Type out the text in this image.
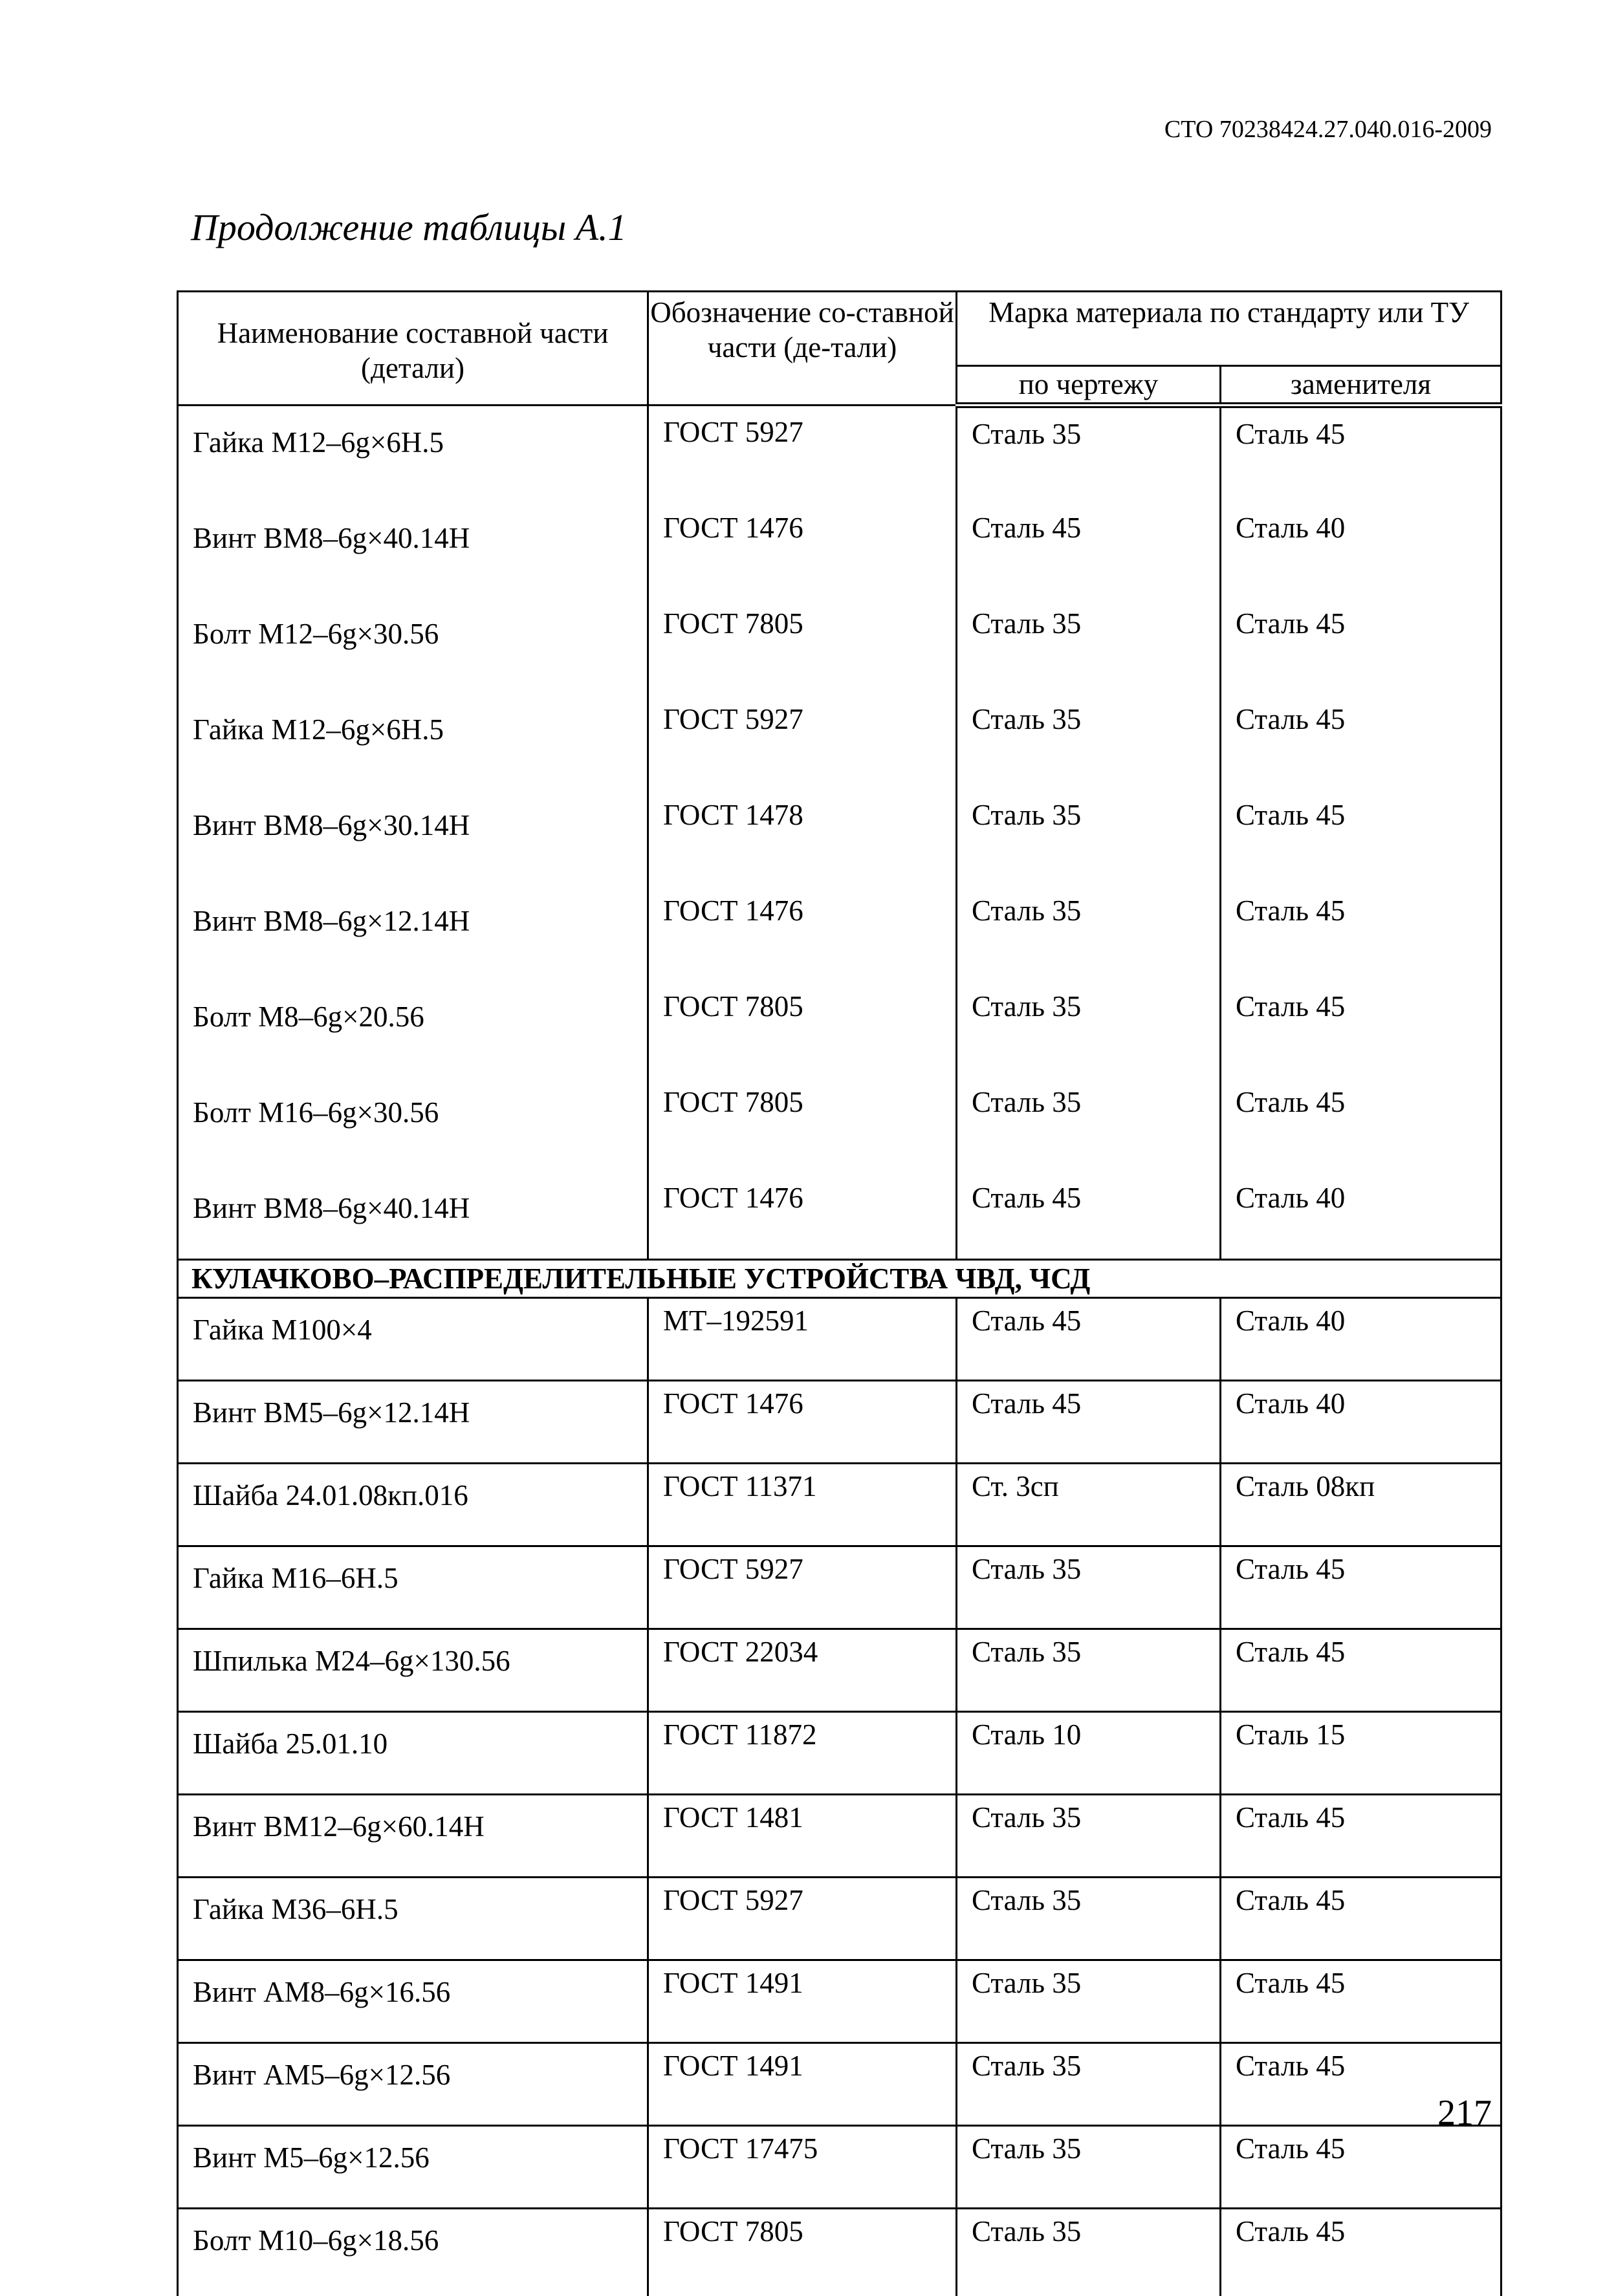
СТО 70238424.27.040.016-2009
Продолжение таблицы А.1
Наименование составной части (детали)	Обозначение со-ставной части (де-тали)	Марка материала по стандарту или ТУ	
		по чертежу	заменителя
Гайка М12–6g×6Н.5	ГОСТ 5927	Сталь 35	Сталь 45
Винт ВМ8–6g×40.14Н	ГОСТ 1476	Сталь 45	Сталь 40
Болт М12–6g×30.56	ГОСТ 7805	Сталь 35	Сталь 45
Гайка М12–6g×6Н.5	ГОСТ 5927	Сталь 35	Сталь 45
Винт ВМ8–6g×30.14Н	ГОСТ 1478	Сталь 35	Сталь 45
Винт ВМ8–6g×12.14Н	ГОСТ 1476	Сталь 35	Сталь 45
Болт М8–6g×20.56	ГОСТ 7805	Сталь 35	Сталь 45
Болт М16–6g×30.56	ГОСТ 7805	Сталь 35	Сталь 45
Винт ВМ8–6g×40.14Н	ГОСТ 1476	Сталь 45	Сталь 40
КУЛАЧКОВО–РАСПРЕДЕЛИТЕЛЬНЫЕ УСТРОЙСТВА ЧВД, ЧСД			
Гайка М100×4	МТ–192591	Сталь 45	Сталь 40
Винт ВМ5–6g×12.14Н	ГОСТ 1476	Сталь 45	Сталь 40
Шайба 24.01.08кп.016	ГОСТ 11371	Ст. 3сп	Сталь 08кп
Гайка М16–6Н.5	ГОСТ 5927	Сталь 35	Сталь 45
Шпилька М24–6g×130.56	ГОСТ 22034	Сталь 35	Сталь 45
Шайба 25.01.10	ГОСТ 11872	Сталь 10	Сталь 15
Винт ВМ12–6g×60.14Н	ГОСТ 1481	Сталь 35	Сталь 45
Гайка М36–6Н.5	ГОСТ 5927	Сталь 35	Сталь 45
Винт АМ8–6g×16.56	ГОСТ 1491	Сталь 35	Сталь 45
Винт АМ5–6g×12.56	ГОСТ 1491	Сталь 35	Сталь 45
Винт М5–6g×12.56	ГОСТ 17475	Сталь 35	Сталь 45
Болт М10–6g×18.56	ГОСТ 7805	Сталь 35	Сталь 45
217
